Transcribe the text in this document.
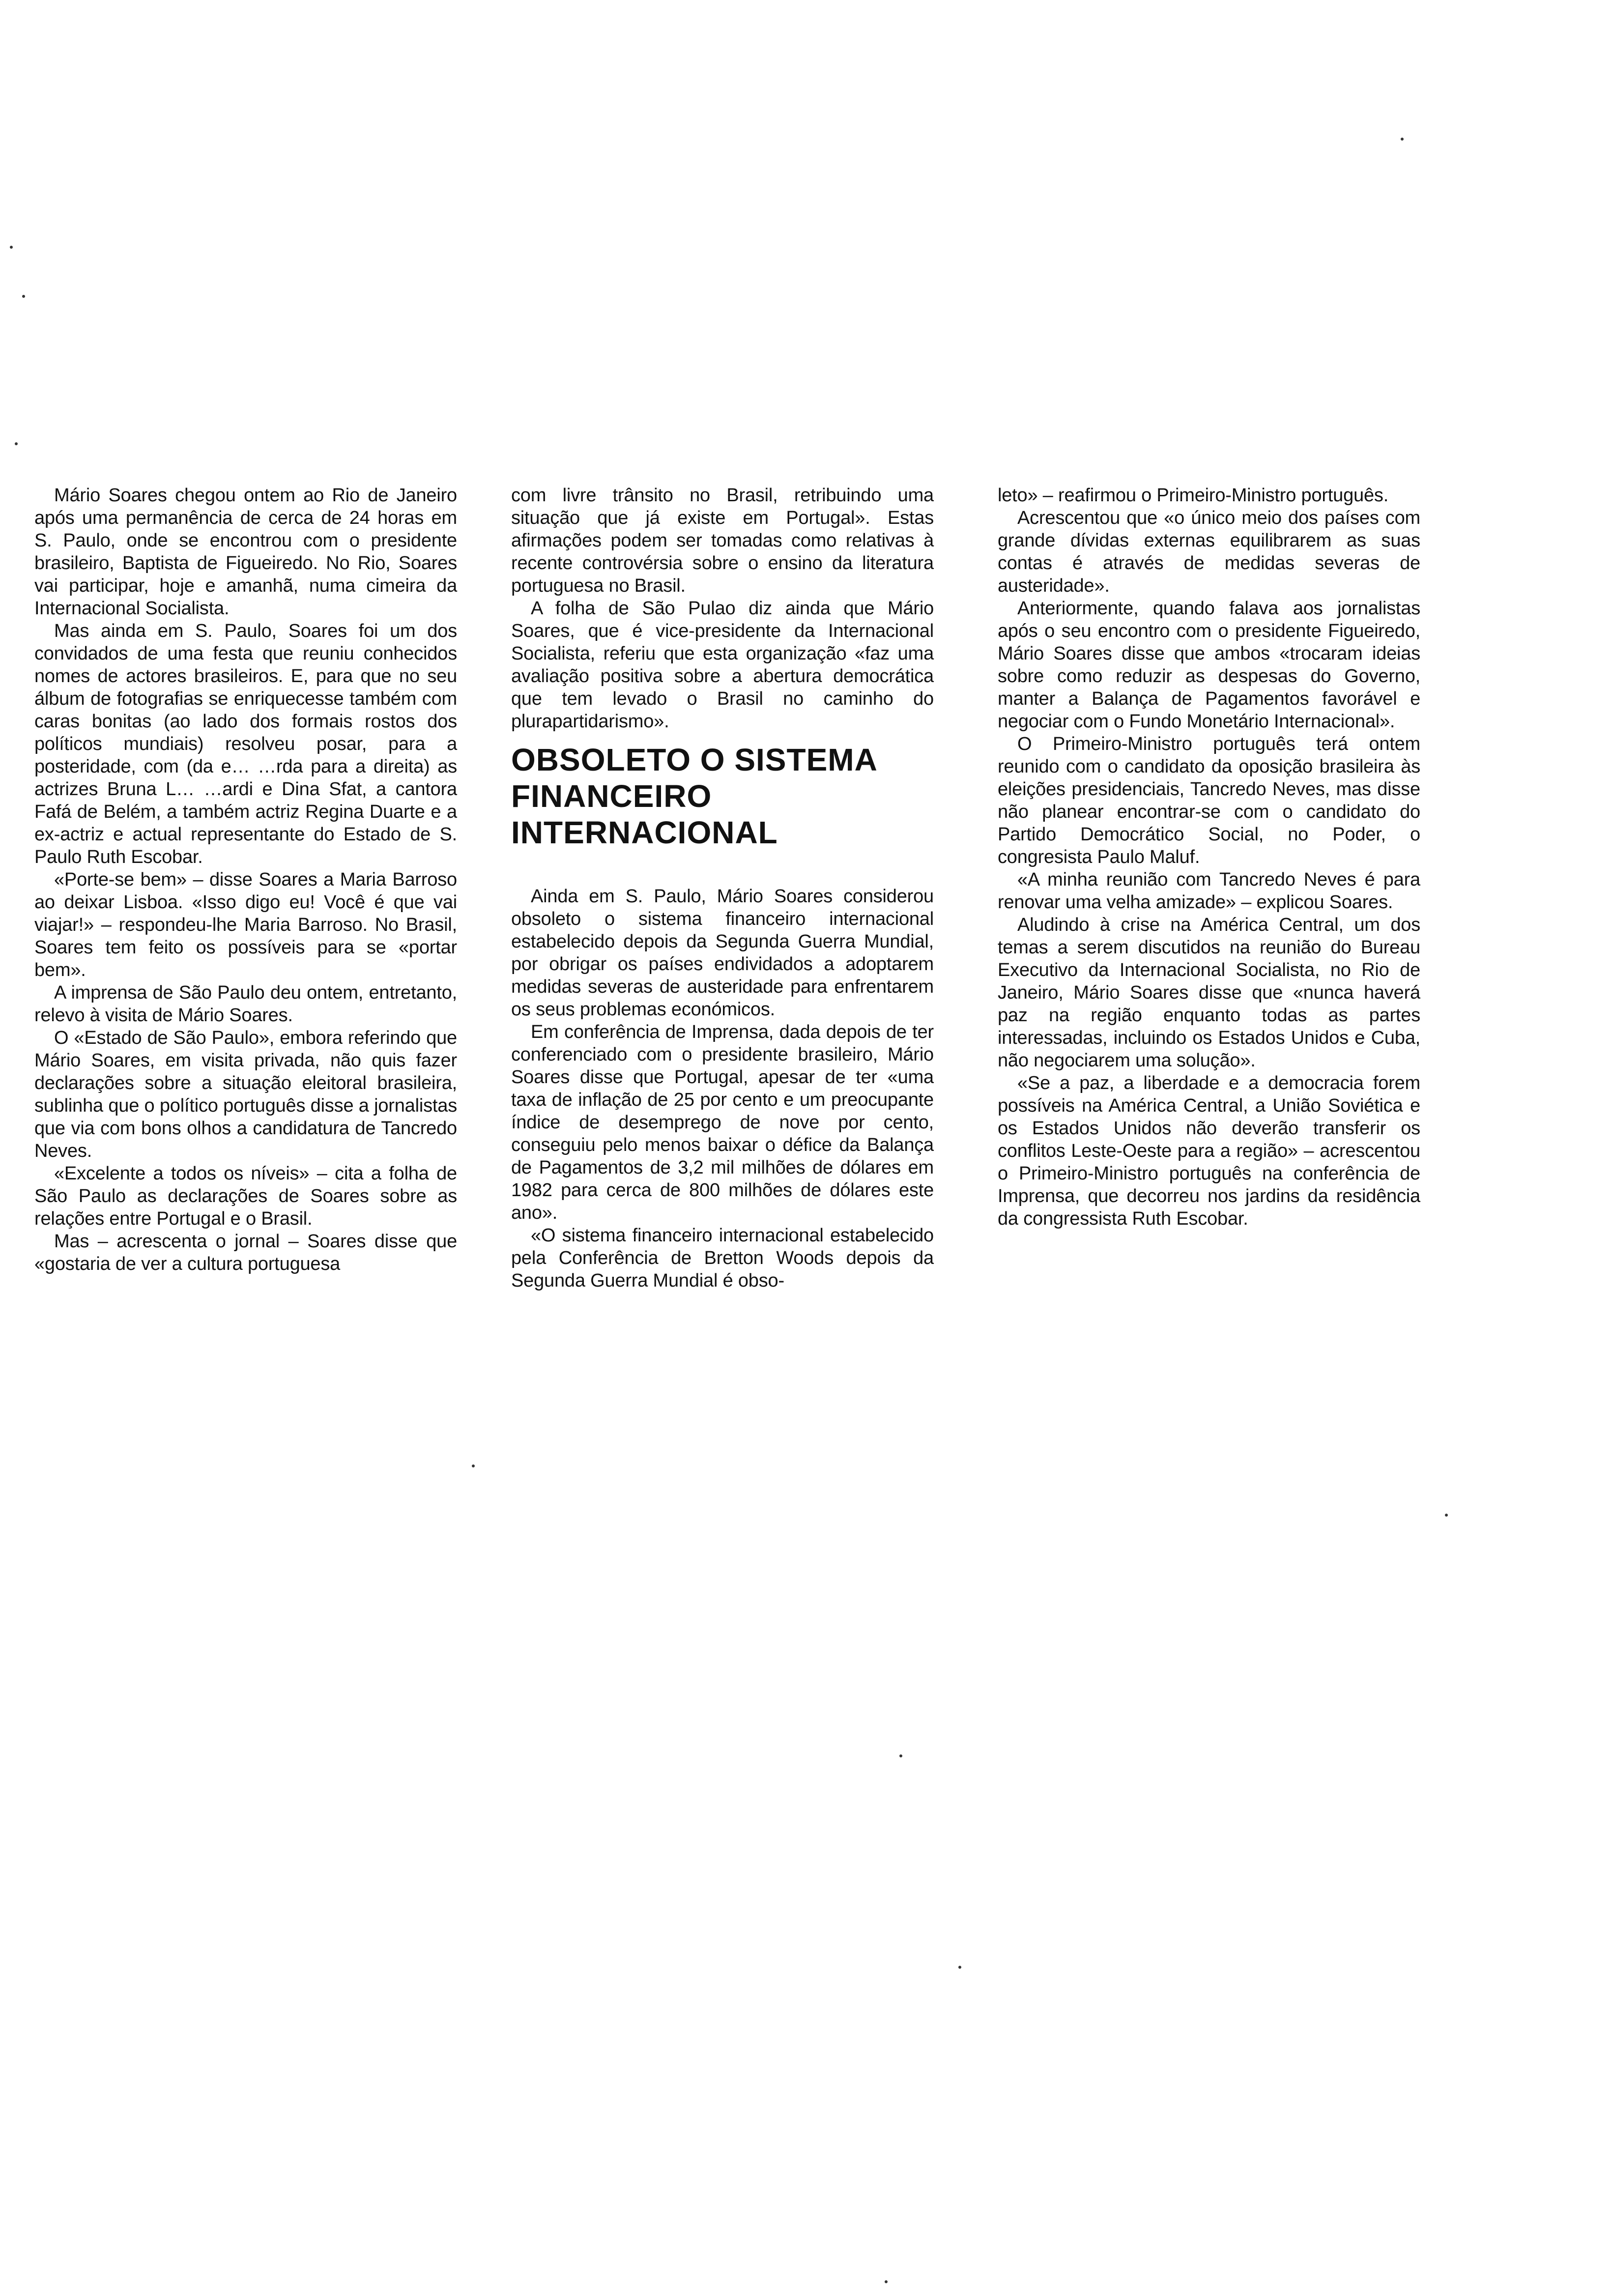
Mário Soares chegou ontem ao Rio de Janeiro após uma permanência de cerca de 24 horas em S. Paulo, onde se encontrou com o presidente brasileiro, Baptista de Figueiredo. No Rio, Soares vai participar, hoje e amanhã, numa cimeira da Internacional Socialista.

Mas ainda em S. Paulo, Soares foi um dos convidados de uma festa que reuniu conhecidos nomes de actores brasileiros. E, para que no seu álbum de fotografias se enriquecesse também com caras bonitas (ao lado dos formais rostos dos políticos mundiais) resolveu posar, para a posteridade, com (da e… …rda para a direita) as actrizes Bruna L… …ardi e Dina Sfat, a cantora Fafá de Belém, a também actriz Regina Duarte e a ex-actriz e actual representante do Estado de S. Paulo Ruth Escobar.

«Porte-se bem» – disse Soares a Maria Barroso ao deixar Lisboa. «Isso digo eu! Você é que vai viajar!» – respondeu-lhe Maria Barroso. No Brasil, Soares tem feito os possíveis para se «portar bem».

A imprensa de São Paulo deu ontem, entretanto, relevo à visita de Mário Soares.

O «Estado de São Paulo», embora referindo que Mário Soares, em visita privada, não quis fazer declarações sobre a situação eleitoral brasileira, sublinha que o político português disse a jornalistas que via com bons olhos a candidatura de Tancredo Neves.

«Excelente a todos os níveis» – cita a folha de São Paulo as declarações de Soares sobre as relações entre Portugal e o Brasil.

Mas – acrescenta o jornal – Soares disse que «gostaria de ver a cultura portuguesa

com livre trânsito no Brasil, retribuindo uma situação que já existe em Portugal». Estas afirmações podem ser tomadas como relativas à recente controvérsia sobre o ensino da literatura portuguesa no Brasil.

A folha de São Pulao diz ainda que Mário Soares, que é vice-presidente da Internacional Socialista, referiu que esta organização «faz uma avaliação positiva sobre a abertura democrática que tem levado o Brasil no caminho do plurapartidarismo».

OBSOLETO O SISTEMA FINANCEIRO INTERNACIONAL

Ainda em S. Paulo, Mário Soares considerou obsoleto o sistema financeiro internacional estabelecido depois da Segunda Guerra Mundial, por obrigar os países endividados a adoptarem medidas severas de austeridade para enfrentarem os seus problemas económicos.

Em conferência de Imprensa, dada depois de ter conferenciado com o presidente brasileiro, Mário Soares disse que Portugal, apesar de ter «uma taxa de inflação de 25 por cento e um preocupante índice de desemprego de nove por cento, conseguiu pelo menos baixar o défice da Balança de Pagamentos de 3,2 mil milhões de dólares em 1982 para cerca de 800 milhões de dólares este ano».

«O sistema financeiro internacional estabelecido pela Conferência de Bretton Woods depois da Segunda Guerra Mundial é obso-

leto» – reafirmou o Primeiro-Ministro português.

Acrescentou que «o único meio dos países com grande dívidas externas equilibrarem as suas contas é através de medidas severas de austeridade».

Anteriormente, quando falava aos jornalistas após o seu encontro com o presidente Figueiredo, Mário Soares disse que ambos «trocaram ideias sobre como reduzir as despesas do Governo, manter a Balança de Pagamentos favorável e negociar com o Fundo Monetário Internacional».

O Primeiro-Ministro português terá ontem reunido com o candidato da oposição brasileira às eleições presidenciais, Tancredo Neves, mas disse não planear encontrar-se com o candidato do Partido Democrático Social, no Poder, o congresista Paulo Maluf.

«A minha reunião com Tancredo Neves é para renovar uma velha amizade» – explicou Soares.

Aludindo à crise na América Central, um dos temas a serem discutidos na reunião do Bureau Executivo da Internacional Socialista, no Rio de Janeiro, Mário Soares disse que «nunca haverá paz na região enquanto todas as partes interessadas, incluindo os Estados Unidos e Cuba, não negociarem uma solução».

«Se a paz, a liberdade e a democracia forem possíveis na América Central, a União Soviética e os Estados Unidos não deverão transferir os conflitos Leste-Oeste para a região» – acrescentou o Primeiro-Ministro português na conferência de Imprensa, que decorreu nos jardins da residência da congressista Ruth Escobar.
